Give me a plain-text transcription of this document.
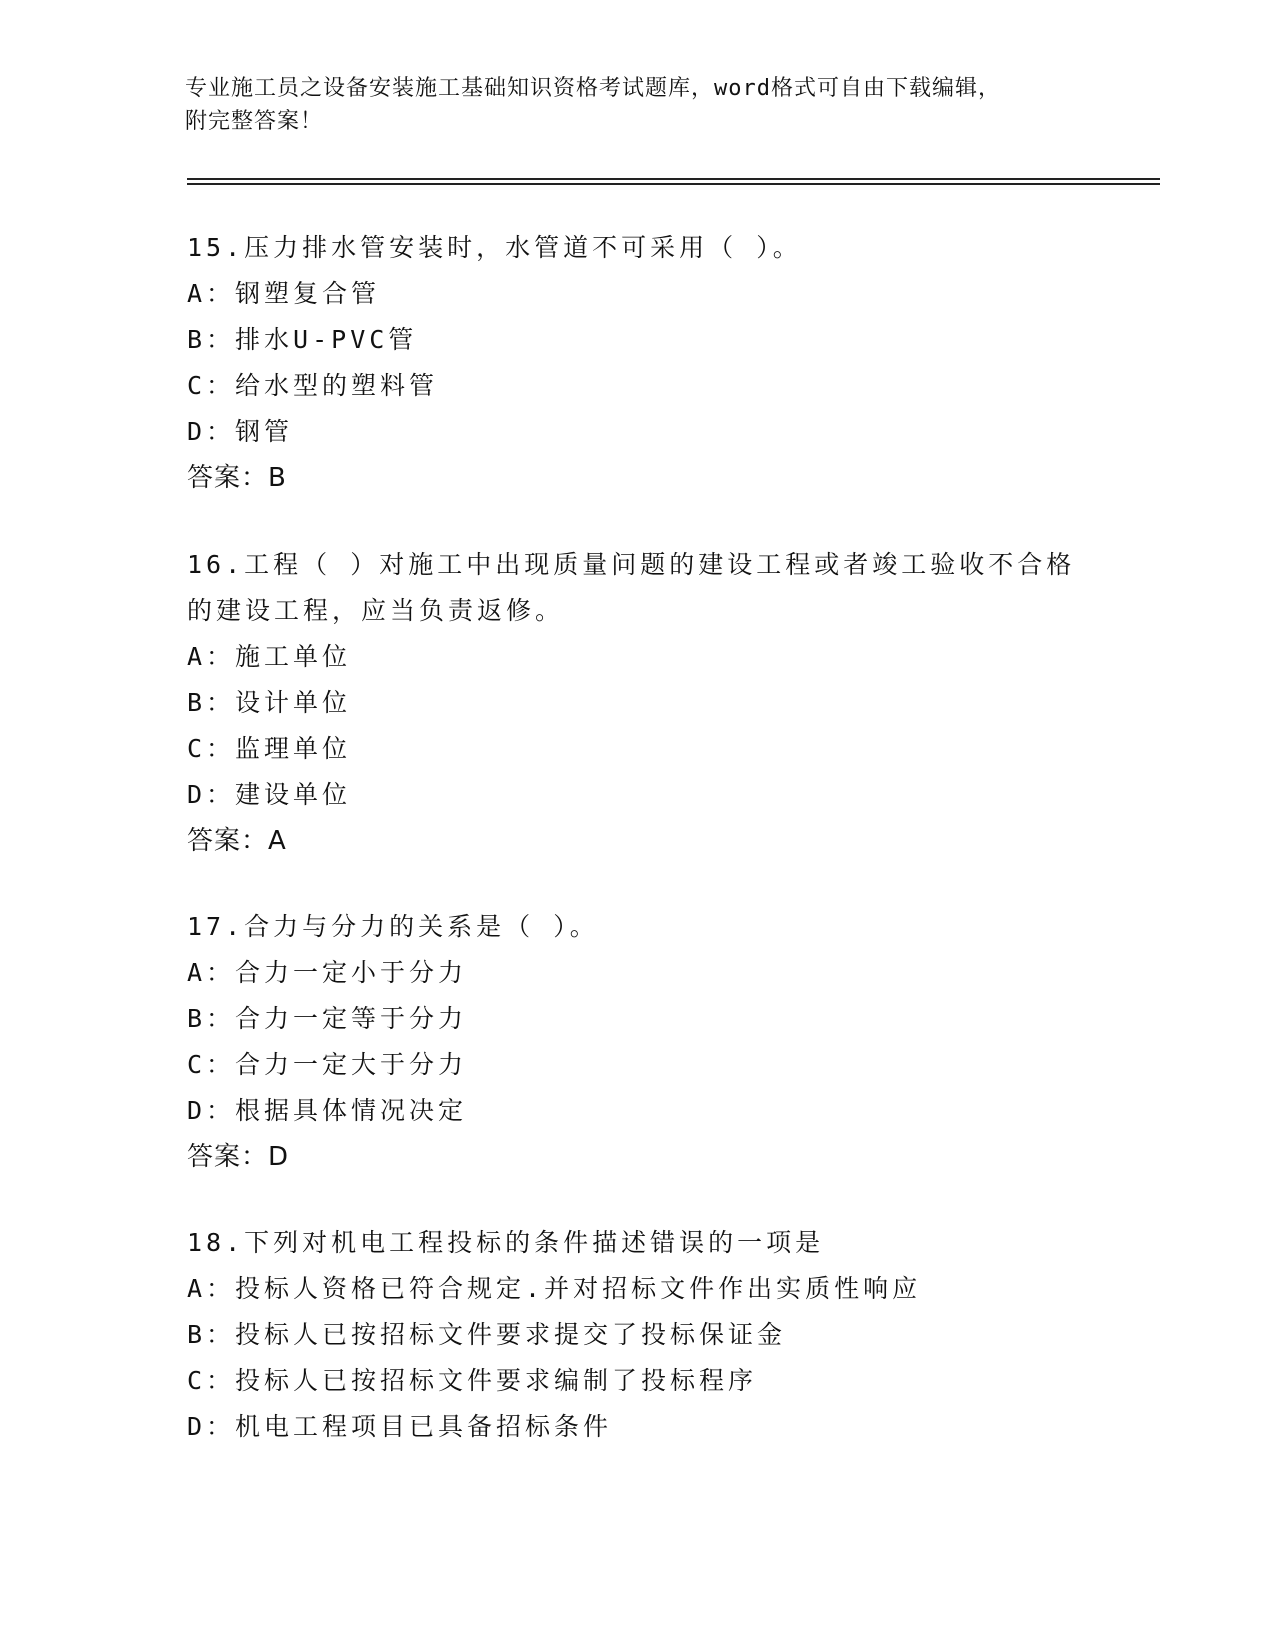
专业施工员之设备安装施工基础知识资格考试题库，word格式可自由下载编辑，
附完整答案！

15.压力排水管安装时，水管道不可采用（ ）。

A：钢塑复合管

B：排水U-PVC管

C：给水型的塑料管

D：钢管

答案：B

16.工程（ ）对施工中出现质量问题的建设工程或者竣工验收不合格

的建设工程，应当负责返修。

A：施工单位

B：设计单位

C：监理单位

D：建设单位

答案：A

17.合力与分力的关系是（ ）。

A：合力一定小于分力

B：合力一定等于分力

C：合力一定大于分力

D：根据具体情况决定

答案：D

18.下列对机电工程投标的条件描述错误的一项是

A：投标人资格已符合规定.并对招标文件作出实质性响应

B：投标人已按招标文件要求提交了投标保证金

C：投标人已按招标文件要求编制了投标程序

D：机电工程项目已具备招标条件
